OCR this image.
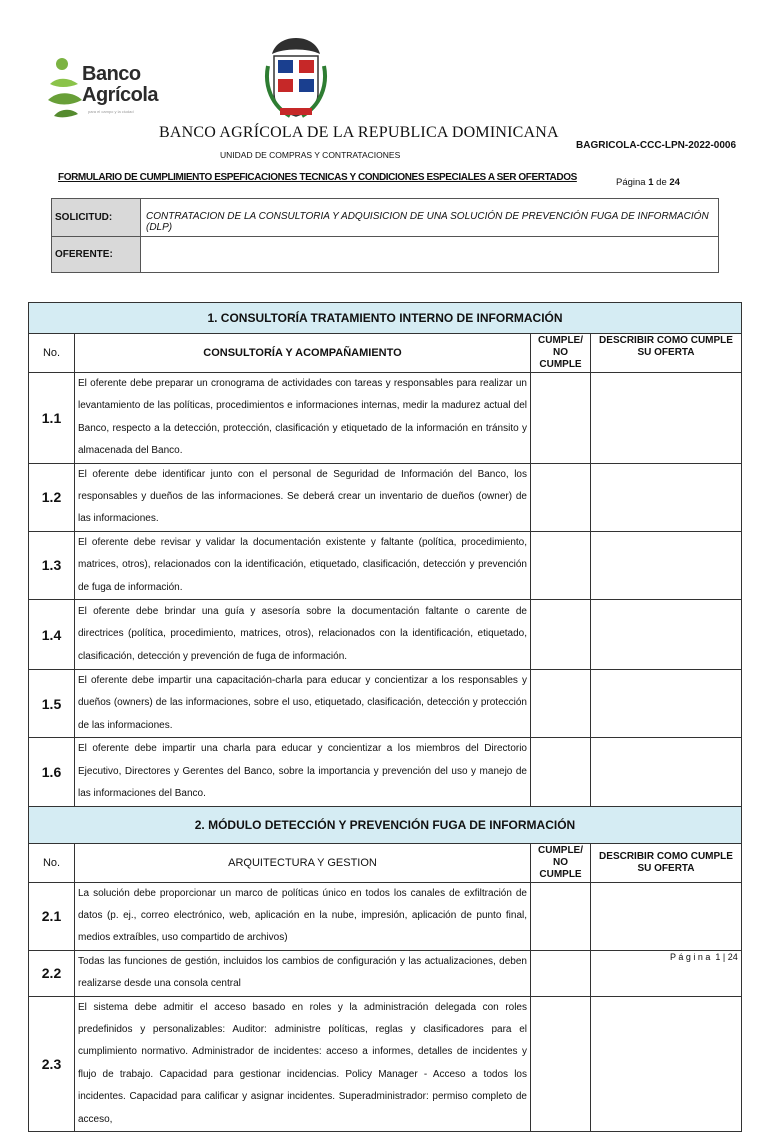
Banco
Agrícola
para el campo y la ciudad
BANCO AGRÍCOLA DE LA REPUBLICA DOMINICANA
UNIDAD DE COMPRAS Y CONTRATACIONES
BAGRICOLA-CCC-LPN-2022-0006
FORMULARIO DE CUMPLIMIENTO ESPEFICACIONES TECNICAS Y CONDICIONES ESPECIALES A SER OFERTADOS	Página 1 de 24
SOLICITUD:	CONTRATACION DE LA CONSULTORIA Y ADQUISICION DE UNA SOLUCIÓN DE PREVENCIÓN FUGA DE INFORMACIÓN (DLP)
OFERENTE:	
1. CONSULTORÍA TRATAMIENTO INTERNO DE INFORMACIÓN			
No.	CONSULTORÍA Y ACOMPAÑAMIENTO	CUMPLE/ NO CUMPLE	DESCRIBIR COMO CUMPLE SU OFERTA
1.1	El oferente debe preparar un cronograma de actividades con tareas y responsables para realizar un levantamiento de las políticas, procedimientos e informaciones internas, medir la madurez actual del Banco, respecto a la detección, protección, clasificación y etiquetado de la información en tránsito y almacenada del Banco.		
1.2	El oferente debe identificar junto con el personal de Seguridad de Información del Banco, los responsables y dueños de las informaciones. Se deberá crear un inventario de dueños (owner) de las informaciones.		
1.3	El oferente debe revisar y validar la documentación existente y faltante (política, procedimiento, matrices, otros), relacionados con la identificación, etiquetado, clasificación, detección y prevención de fuga de información.		
1.4	El oferente debe brindar una guía y asesoría sobre la documentación faltante o carente de directrices (política, procedimiento, matrices, otros), relacionados con la identificación, etiquetado, clasificación, detección y prevención de fuga de información.		
1.5	El oferente debe impartir una capacitación-charla para educar y concientizar a los responsables y dueños (owners) de las informaciones, sobre el uso, etiquetado, clasificación, detección y protección de las informaciones.		
1.6	El oferente debe impartir una charla para educar y concientizar a los miembros del Directorio Ejecutivo, Directores y Gerentes del Banco, sobre la importancia y prevención del uso y manejo de las informaciones del Banco.		
2. MÓDULO DETECCIÓN Y PREVENCIÓN FUGA DE INFORMACIÓN			
No.	ARQUITECTURA Y GESTION	CUMPLE/ NO CUMPLE	DESCRIBIR COMO CUMPLE SU OFERTA
2.1	La solución debe proporcionar un marco de políticas único en todos los canales de exfiltración de datos (p. ej., correo electrónico, web, aplicación en la nube, impresión, aplicación de punto final, medios extraíbles, uso compartido de archivos)		
2.2	Todas las funciones de gestión, incluidos los cambios de configuración y las actualizaciones, deben realizarse desde una consola central		
2.3	El sistema debe admitir el acceso basado en roles y la administración delegada con roles predefinidos y personalizables: Auditor: administre políticas, reglas y clasificadores para el cumplimiento normativo. Administrador de incidentes: acceso a informes, detalles de incidentes y flujo de trabajo. Capacidad para gestionar incidencias. Policy Manager - Acceso a todos los incidentes. Capacidad para calificar y asignar incidentes. Superadministrador: permiso completo de acceso,		
P á g i n a  1 | 24
